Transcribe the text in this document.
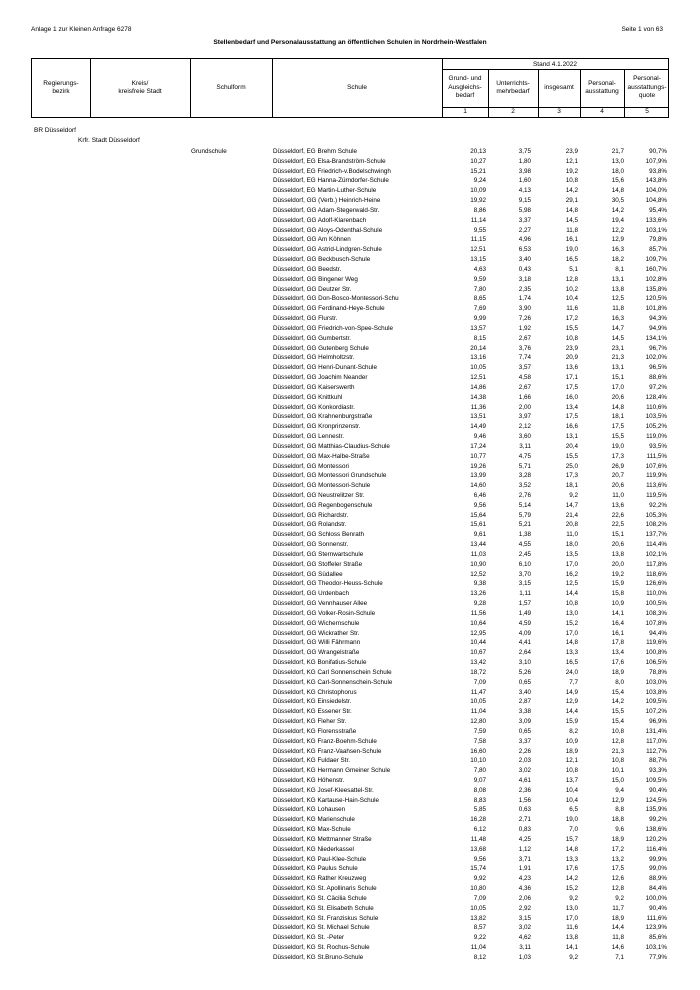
Anlage 1 zur Kleinen Anfrage 6278	Seite 1 von 63
Stellenbedarf und Personalausstattung an öffentlichen Schulen in Nordrhein-Westfalen
Stand 4.1.2022
Regierungs-
bezirk
Kreis/
kreisfreie Stadt
Schulform	Schule
Grund- und
Ausgleichs-
bedarf
Unterrichts-
mehrbedarf
insgesamt
Personal-
ausstattung
Personal-
ausstattungs-
quote
1	2	3	4	5
BR Düsseldorf
Krfr. Stadt Düsseldorf
Grundschule	Düsseldorf, EG Brehm Schule	20,13	3,75	23,9	21,7	90,7%
Düsseldorf, EG Elsa-Brandström-Schule	10,27	1,80	12,1	13,0	107,9%
Düsseldorf, EG Friedrich-v.Bodelschwingh	15,21	3,98	19,2	18,0	93,8%
Düsseldorf, EG Hanna-Zürndorfer-Schule	9,24	1,60	10,8	15,6	143,8%
Düsseldorf, EG Martin-Luther-Schule	10,09	4,13	14,2	14,8	104,0%
Düsseldorf, GG (Verb.) Heinrich-Heine	19,92	9,15	29,1	30,5	104,8%
Düsseldorf, GG Adam-Stegerwald-Str.	8,86	5,98	14,8	14,2	95,4%
Düsseldorf, GG Adolf-Klarenbach	11,14	3,37	14,5	19,4	133,6%
Düsseldorf, GG Aloys-Odenthal-Schule	9,55	2,27	11,8	12,2	103,1%
Düsseldorf, GG Am Köhnen	11,15	4,96	16,1	12,9	79,8%
Düsseldorf, GG Astrid-Lindgren-Schule	12,51	6,53	19,0	16,3	85,7%
Düsseldorf, GG Beckbusch-Schule	13,15	3,40	16,5	18,2	109,7%
Düsseldorf, GG Beedstr.	4,63	0,43	5,1	8,1	160,7%
Düsseldorf, GG Bingener Weg	9,59	3,18	12,8	13,1	102,8%
Düsseldorf, GG Deutzer Str.	7,80	2,35	10,2	13,8	135,8%
Düsseldorf, GG Don-Bosco-Montessori-Schu	8,65	1,74	10,4	12,5	120,5%
Düsseldorf, GG Ferdinand-Heye-Schule	7,69	3,90	11,6	11,8	101,8%
Düsseldorf, GG Flurstr.	9,99	7,26	17,2	16,3	94,3%
Düsseldorf, GG Friedrich-von-Spee-Schule	13,57	1,92	15,5	14,7	94,9%
Düsseldorf, GG Gumbertstr.	8,15	2,67	10,8	14,5	134,1%
Düsseldorf, GG Gutenberg Schule	20,14	3,76	23,9	23,1	96,7%
Düsseldorf, GG Helmholtzstr.	13,16	7,74	20,9	21,3	102,0%
Düsseldorf, GG Henri-Dunant-Schule	10,05	3,57	13,6	13,1	96,5%
Düsseldorf, GG Joachim Neander	12,51	4,58	17,1	15,1	88,6%
Düsseldorf, GG Kaiserswerth	14,86	2,67	17,5	17,0	97,2%
Düsseldorf, GG Knittkuhl	14,38	1,66	16,0	20,6	128,4%
Düsseldorf, GG Konkordiastr.	11,36	2,00	13,4	14,8	110,6%
Düsseldorf, GG Krahnenburgstraße	13,51	3,97	17,5	18,1	103,5%
Düsseldorf, GG Kronprinzenstr.	14,49	2,12	16,6	17,5	105,2%
Düsseldorf, GG Lennestr.	9,46	3,60	13,1	15,5	119,0%
Düsseldorf, GG Matthias-Claudius-Schule	17,24	3,11	20,4	19,0	93,5%
Düsseldorf, GG Max-Halbe-Straße	10,77	4,75	15,5	17,3	111,5%
Düsseldorf, GG Montessori	19,26	5,71	25,0	26,9	107,6%
Düsseldorf, GG Montessori Grundschule	13,99	3,28	17,3	20,7	119,9%
Düsseldorf, GG Montessori-Schule	14,60	3,52	18,1	20,6	113,6%
Düsseldorf, GG Neustrelitzer Str.	6,46	2,76	9,2	11,0	119,5%
Düsseldorf, GG Regenbogenschule	9,56	5,14	14,7	13,6	92,2%
Düsseldorf, GG Richardstr.	15,64	5,79	21,4	22,6	105,3%
Düsseldorf, GG Rolandstr.	15,61	5,21	20,8	22,5	108,2%
Düsseldorf, GG Schloss Benrath	9,61	1,38	11,0	15,1	137,7%
Düsseldorf, GG Sonnenstr.	13,44	4,55	18,0	20,6	114,4%
Düsseldorf, GG Sternwartschule	11,03	2,45	13,5	13,8	102,1%
Düsseldorf, GG Stoffeler Straße	10,90	6,10	17,0	20,0	117,8%
Düsseldorf, GG Südallee	12,52	3,70	16,2	19,2	118,6%
Düsseldorf, GG Theodor-Heuss-Schule	9,38	3,15	12,5	15,9	126,6%
Düsseldorf, GG Urdenbach	13,26	1,11	14,4	15,8	110,0%
Düsseldorf, GG Vennhauser Allee	9,28	1,57	10,8	10,9	100,5%
Düsseldorf, GG Volker-Rosin-Schule	11,56	1,49	13,0	14,1	108,3%
Düsseldorf, GG Wichernschule	10,64	4,59	15,2	16,4	107,8%
Düsseldorf, GG Wickrather Str.	12,95	4,09	17,0	16,1	94,4%
Düsseldorf, GG Willi Fährmann	10,44	4,41	14,8	17,8	119,6%
Düsseldorf, GG Wrangelstraße	10,67	2,64	13,3	13,4	100,8%
Düsseldorf, KG Bonifatius-Schule	13,42	3,10	16,5	17,6	106,5%
Düsseldorf, KG Carl Sonnenschein Schule	18,72	5,26	24,0	18,9	78,8%
Düsseldorf, KG Carl-Sonnenschein-Schule	7,09	0,65	7,7	8,0	103,0%
Düsseldorf, KG Christophorus	11,47	3,40	14,9	15,4	103,8%
Düsseldorf, KG Einsiedelstr.	10,05	2,87	12,9	14,2	109,5%
Düsseldorf, KG Essener Str.	11,04	3,38	14,4	15,5	107,2%
Düsseldorf, KG Fleher Str.	12,80	3,09	15,9	15,4	96,9%
Düsseldorf, KG Florensstraße	7,59	0,65	8,2	10,8	131,4%
Düsseldorf, KG Franz-Boehm-Schule	7,58	3,37	10,9	12,8	117,0%
Düsseldorf, KG Franz-Vaahsen-Schule	16,60	2,26	18,9	21,3	112,7%
Düsseldorf, KG Fuldaer Str.	10,10	2,03	12,1	10,8	88,7%
Düsseldorf, KG Hermann Gmeiner Schule	7,80	3,02	10,8	10,1	93,3%
Düsseldorf, KG Höhenstr.	9,07	4,61	13,7	15,0	109,5%
Düsseldorf, KG Josef-Kleesattel-Str.	8,08	2,36	10,4	9,4	90,4%
Düsseldorf, KG Kartause-Hain-Schule	8,83	1,56	10,4	12,9	124,5%
Düsseldorf, KG Lohausen	5,85	0,63	6,5	8,8	135,9%
Düsseldorf, KG Marienschule	16,28	2,71	19,0	18,8	99,2%
Düsseldorf, KG Max-Schule	6,12	0,83	7,0	9,6	138,6%
Düsseldorf, KG Mettmanner Straße	11,48	4,25	15,7	18,9	120,2%
Düsseldorf, KG Niederkassel	13,68	1,12	14,8	17,2	116,4%
Düsseldorf, KG Paul-Klee-Schule	9,56	3,71	13,3	13,2	99,9%
Düsseldorf, KG Paulus Schule	15,74	1,91	17,6	17,5	99,0%
Düsseldorf, KG Rather Kreuzweg	9,92	4,23	14,2	12,6	88,9%
Düsseldorf, KG St. Apollinaris Schule	10,80	4,36	15,2	12,8	84,4%
Düsseldorf, KG St. Cäcilia Schule	7,09	2,06	9,2	9,2	100,0%
Düsseldorf, KG St. Elisabeth Schule	10,05	2,92	13,0	11,7	90,4%
Düsseldorf, KG St. Franziskus Schule	13,82	3,15	17,0	18,9	111,6%
Düsseldorf, KG St. Michael Schule	8,57	3,02	11,6	14,4	123,9%
Düsseldorf, KG St. -Peter	9,22	4,62	13,8	11,8	85,6%
Düsseldorf, KG St. Rochus-Schule	11,04	3,11	14,1	14,6	103,1%
Düsseldorf, KG St.Bruno-Schule	8,12	1,03	9,2	7,1	77,9%
